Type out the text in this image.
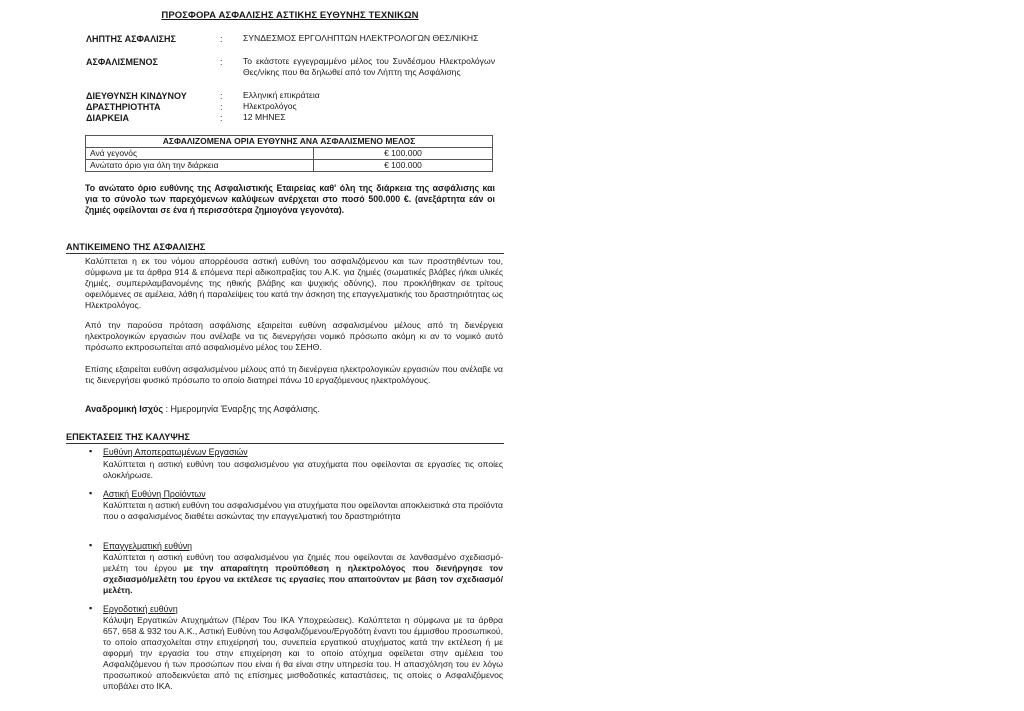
ΠΡΟΣΦΟΡΑ ΑΣΦΑΛΙΣΗΣ ΑΣΤΙΚΗΣ ΕΥΘΥΝΗΣ ΤΕΧΝΙΚΩΝ
ΛΗΠΤΗΣ ΑΣΦΑΛΙΣΗΣ	: ΣΥΝΔΕΣΜΟΣ ΕΡΓΟΛΗΠΤΩΝ ΗΛΕΚΤΡΟΛΟΓΩΝ ΘΕΣ/ΝΙΚΗΣ
ΑΣΦΑΛΙΣΜΕΝΟΣ	: Το εκάστοτε εγγεγραμμένο μέλος του Συνδέσμου Ηλεκτρολόγων Θες/νίκης που θα δηλωθεί από τον Λήπτη της Ασφάλισης
ΔΙΕΥΘΥΝΣΗ ΚΙΝΔΥΝΟΥ	: Ελληνική επικράτεια
ΔΡΑΣΤΗΡΙΟΤΗΤΑ	: Ηλεκτρολόγος
ΔΙΑΡΚΕΙΑ	: 12 ΜΗΝΕΣ
ΑΣΦΑΛΙΖΟΜΕΝΑ ΟΡΙΑ ΕΥΘΥΝΗΣ ΑΝΑ ΑΣΦΑΛΙΣΜΕΝΟ ΜΕΛΟΣ	
Ανά γεγονός	€ 100.000
Ανώτατο όριο για όλη την διάρκεια	€ 100.000
Το ανώτατο όριο ευθύνης της Ασφαλιστικής Εταιρείας καθ' όλη της διάρκεια της ασφάλισης και για το σύνολο των παρεχόμενων καλύψεων ανέρχεται στο ποσό 500.000 €. (ανεξάρτητα εάν οι ζημιές οφείλονται σε ένα ή περισσότερα ζημιογόνα γεγονότα).
ΑΝΤΙΚΕΙΜΕΝΟ ΤΗΣ ΑΣΦΑΛΙΣΗΣ
Καλύπτεται η εκ του νόμου απορρέουσα αστική ευθύνη του ασφαλιζόμενου και των προστηθέντων του, σύμφωνα με τα άρθρα 914 & επόμενα περί αδικοπραξίας του Α.Κ. για ζημιές (σωματικές βλάβες ή/και υλικές ζημιές, συμπεριλαμβανομένης της ηθικής βλάβης και ψυχικής οδύνης), που προκλήθηκαν σε τρίτους οφειλόμενες σε αμέλεια, λάθη ή παραλείψεις του κατά την άσκηση της επαγγελματικής του δραστηριότητας ως Ηλεκτρολόγος.
Από την παρούσα πρόταση ασφάλισης εξαιρείται ευθύνη ασφαλισμένου μέλους από τη διενέργεια ηλεκτρολογικών εργασιών που ανέλαβε να τις διενεργήσει νομικό πρόσωπο ακόμη κι αν το νομικό αυτό πρόσωπο εκπροσωπείται από ασφαλισμένο μέλος του ΣΕΗΘ.
Επίσης εξαιρείται ευθύνη ασφαλισμένου μέλους από τη διενέργεια ηλεκτρολογικών εργασιών που ανέλαβε να τις διενεργήσει φυσικό πρόσωπο το οποίο διατηρεί πάνω 10 εργαζόμενους ηλεκτρολόγους.
Αναδρομική Ισχύς : Ημερομηνία Έναρξης της Ασφάλισης.
ΕΠΕΚΤΑΣΕΙΣ ΤΗΣ ΚΑΛΥΨΗΣ
▪ Ευθύνη Αποπερατωμένων Εργασιών
Καλύπτεται η αστική ευθύνη του ασφαλισμένου για ατυχήματα που οφείλονται σε εργασίες τις οποίες ολοκλήρωσε.
▪ Αστική Ευθύνη Προϊόντων
Καλύπτεται η αστική ευθύνη του ασφαλισμένου για ατυχήματα που οφείλονται αποκλειστικά στα προϊόντα που ο ασφαλισμένος διαθέτει ασκώντας την επαγγελματική του δραστηριότητα
▪ Επαγγελματική ευθύνη
Καλύπτεται η αστική ευθύνη του ασφαλισμένου για ζημιές που οφείλονται σε λανθασμένο σχεδιασμό-μελέτη του έργου με την απαραίτητη προϋπόθεση η ηλεκτρολόγος που διενήργησε τον σχεδιασμό/μελέτη του έργου να εκτέλεσε τις εργασίες που απαιτούνταν με βάση τον σχεδιασμό/μελέτη.
▪ Εργοδοτική ευθύνη
Κάλυψη Εργατικών Ατυχημάτων (Πέραν Του ΙΚΑ Υποχρεώσεις). Καλύπτεται η σύμφωνα με τα άρθρα 657, 658 & 932 του Α.Κ., Αστική Ευθύνη του Ασφαλιζόμενου/Εργοδότη έναντι του έμμισθου προσωπικού, το οποίο απασχολείται στην επιχείρησή του, συνεπεία εργατικού ατυχήματος κατά την εκτέλεση ή με αφορμή την εργασία του στην επιχείρηση και το οποίο ατύχημα οφείλεται στην αμέλεια του Ασφαλιζόμενου ή των προσώπων που είναι ή θα είναι στην υπηρεσία του. Η απασχόληση του εν λόγω προσωπικού αποδεικνύεται από τις επίσημες μισθοδοτικές καταστάσεις, τις οποίες ο Ασφαλιζόμενος υποβάλει στο ΙΚΑ.
